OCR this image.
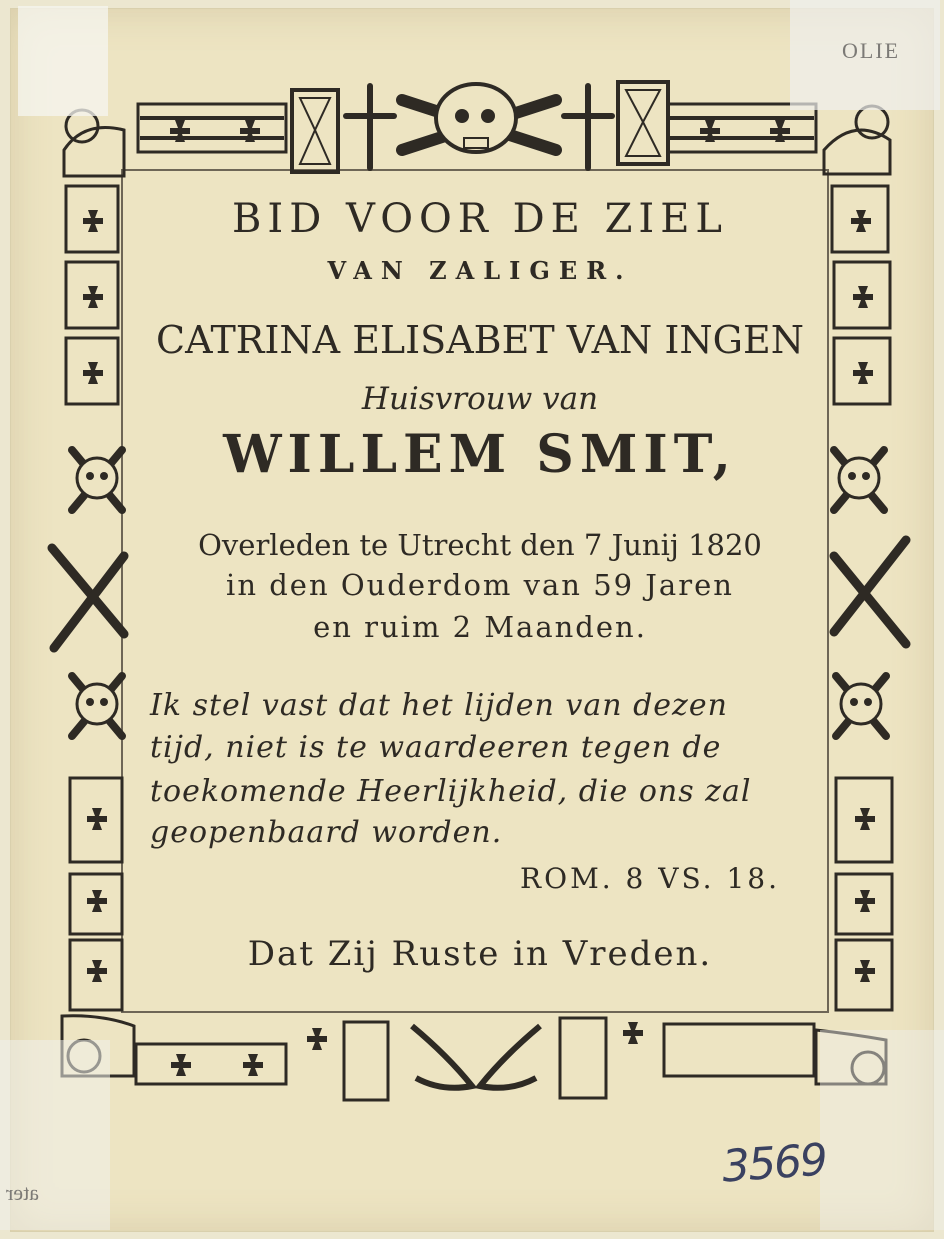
OLIE
ater
BID VOOR DE ZIEL
VAN ZALIGER.
CATRINA ELISABET VAN INGEN
Huisvrouw van
WILLEM SMIT,
Overleden te Utrecht den 7 Junij 1820
in den Ouderdom van 59 Jaren
en ruim 2 Maanden.
Ik stel vast dat het lijden van dezen
tijd, niet is te waardeeren tegen de
toekomende Heerlijkheid, die ons zal
geopenbaard worden.
ROM. 8 VS. 18.
Dat Zij Ruste in Vreden.
3569
